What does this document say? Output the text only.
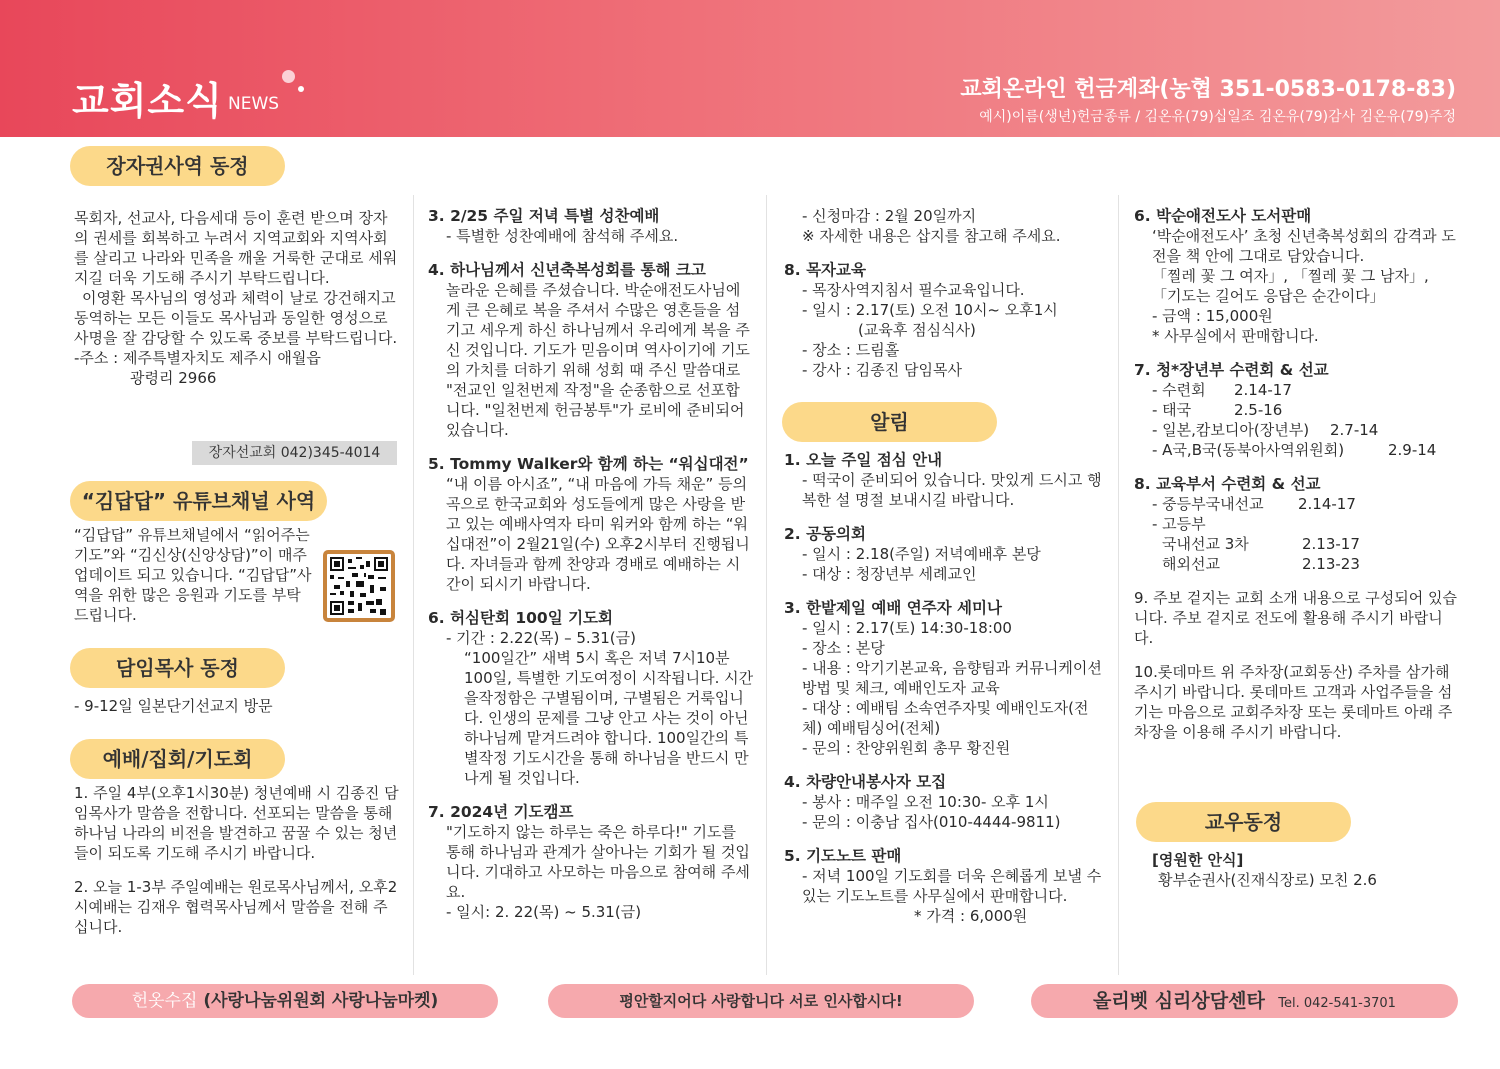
교회소식 NEWS
교회온라인 헌금계좌(농협 351-0583-0178-83)
예시)이름(생년)헌금종류 / 김온유(79)십일조 김온유(79)감사 김온유(79)주정
장자권사역 동정

목회자, 선교사, 다음세대 등이 훈련 받으며 장자의 권세를 회복하고 누려서 지역교회와 지역사회를 살리고 나라와 민족을 깨울 거룩한 군대로 세워지길 더욱 기도해 주시기 부탁드립니다.

이영환 목사님의 영성과 체력이 날로 강건해지고 동역하는 모든 이들도 목사님과 동일한 영성으로 사명을 잘 감당할 수 있도록 중보를 부탁드립니다.

-주소 : 제주특별자치도 제주시 애월읍

광령리 2966

장자선교회 042)345-4014
“김답답” 유튜브채널 사역
“김답답” 유튜브채널에서 “읽어주는 기도”와 “김신상(신앙상담)”이 매주 업데이트 되고 있습니다. “김답답”사역을 위한 많은 응원과 기도를 부탁드립니다.
담임목사 동정
- 9-12일 일본단기선교지 방문
예배/집회/기도회

1. 주일 4부(오후1시30분) 청년예배 시 김종진 담임목사가 말씀을 전합니다. 선포되는 말씀을 통해 하나님 나라의 비전을 발견하고 꿈꿀 수 있는 청년들이 되도록 기도해 주시기 바랍니다.

2. 오늘 1-3부 주일예배는 원로목사님께서, 오후2시예배는 김재우 협력목사님께서 말씀을 전해 주십니다.

3. 2/25 주일 저녁 특별 성찬예배

- 특별한 성찬예배에 참석해 주세요.

4. 하나님께서 신년축복성회를 통해 크고

놀라운 은혜를 주셨습니다. 박순애전도사님에게 큰 은혜로 복을 주셔서 수많은 영혼들을 섬기고 세우게 하신 하나님께서 우리에게 복을 주신 것입니다. 기도가 믿음이며 역사이기에 기도의 가치를 더하기 위해 성회 때 주신 말씀대로 "전교인 일천번제 작정"을 순종함으로 선포합니다. "일천번제 헌금봉투"가 로비에 준비되어 있습니다.

5. Tommy Walker와 함께 하는 “워십대전”

“내 이름 아시죠”, “내 마음에 가득 채운” 등의 곡으로 한국교회와 성도들에게 많은 사랑을 받고 있는 예배사역자 타미 워커와 함께 하는 “워십대전”이 2월21일(수) 오후2시부터 진행됩니다. 자녀들과 함께 찬양과 경배로 예배하는 시간이 되시기 바랍니다.

6. 허심탄회 100일 기도회

- 기간 : 2.22(목) – 5.31(금)

“100일간” 새벽 5시 혹은 저녁 7시10분 100일, 특별한 기도여정이 시작됩니다. 시간을작정함은 구별됨이며, 구별됨은 거룩입니다. 인생의 문제를 그냥 안고 사는 것이 아닌 하나님께 맡겨드려야 합니다. 100일간의 특별작정 기도시간을 통해 하나님을 반드시 만나게 될 것입니다.

7. 2024년 기도캠프

"기도하지 않는 하루는 죽은 하루다!" 기도를 통해 하나님과 관계가 살아나는 기회가 될 것입니다. 기대하고 사모하는 마음으로 참여해 주세요.

- 일시: 2. 22(목) ~ 5.31(금)

- 신청마감 : 2월 20일까지

※ 자세한 내용은 삽지를 참고해 주세요.

8. 목자교육

- 목장사역지침서 필수교육입니다.

- 일시 : 2.17(토) 오전 10시~ 오후1시

(교육후 점심식사)

- 장소 : 드림홀

- 강사 : 김종진 담임목사

알림

1. 오늘 주일 점심 안내

- 떡국이 준비되어 있습니다. 맛있게 드시고 행복한 설 명절 보내시길 바랍니다.

2. 공동의회

- 일시 : 2.18(주일) 저녁예배후 본당

- 대상 : 청장년부 세례교인

3. 한밭제일 예배 연주자 세미나

- 일시 : 2.17(토) 14:30-18:00

- 장소 : 본당

- 내용 : 악기기본교육, 음향팀과 커뮤니케이션 방법 및 체크, 예배인도자 교육

- 대상 : 예배팀 소속연주자및 예배인도자(전체) 예배팀싱어(전체)

- 문의 : 찬양위원회 총무 황진원

4. 차량안내봉사자 모집

- 봉사 : 매주일 오전 10:30- 오후 1시

- 문의 : 이충남 집사(010-4444-9811)

5. 기도노트 판매

- 저녁 100일 기도회를 더욱 은혜롭게 보낼 수 있는 기도노트를 사무실에서 판매합니다.

* 가격 : 6,000원

6. 박순애전도사 도서판매

‘박순애전도사’ 초청 신년축복성회의 감격과 도전을 책 안에 그대로 담았습니다.

「찔레 꽃 그 여자」, 「찔레 꽃 그 남자」,

「기도는 길어도 응답은 순간이다」

- 금액 : 15,000원

* 사무실에서 판매합니다.

7. 청*장년부 수련회 & 선교

- 수련회	2.14-17
- 태국	2.5-16
- 일본,캄보디아(장년부)	2.7-14
- A국,B국(동북아사역위원회)	2.9-14

8. 교육부서 수련회 & 선교

- 중등부국내선교	2.14-17

- 고등부

국내선교 3차	2.13-17
해외선교	2.13-23

9. 주보 겉지는 교회 소개 내용으로 구성되어 있습니다. 주보 겉지로 전도에 활용해 주시기 바랍니다.

10.롯데마트 위 주차장(교회동산) 주차를 삼가해 주시기 바랍니다. 롯데마트 고객과 사업주들을 섬기는 마음으로 교회주차장 또는 롯데마트 아래 주차장을 이용해 주시기 바랍니다.

교우동정

[영원한 안식]

황부순권사(진재식장로) 모친 2.6

헌옷수집 (사랑나눔위원회 사랑나눔마켓)	평안할지어다 사랑합니다 서로 인사합시다!	올리벳 심리상담센타 Tel. 042-541-3701
